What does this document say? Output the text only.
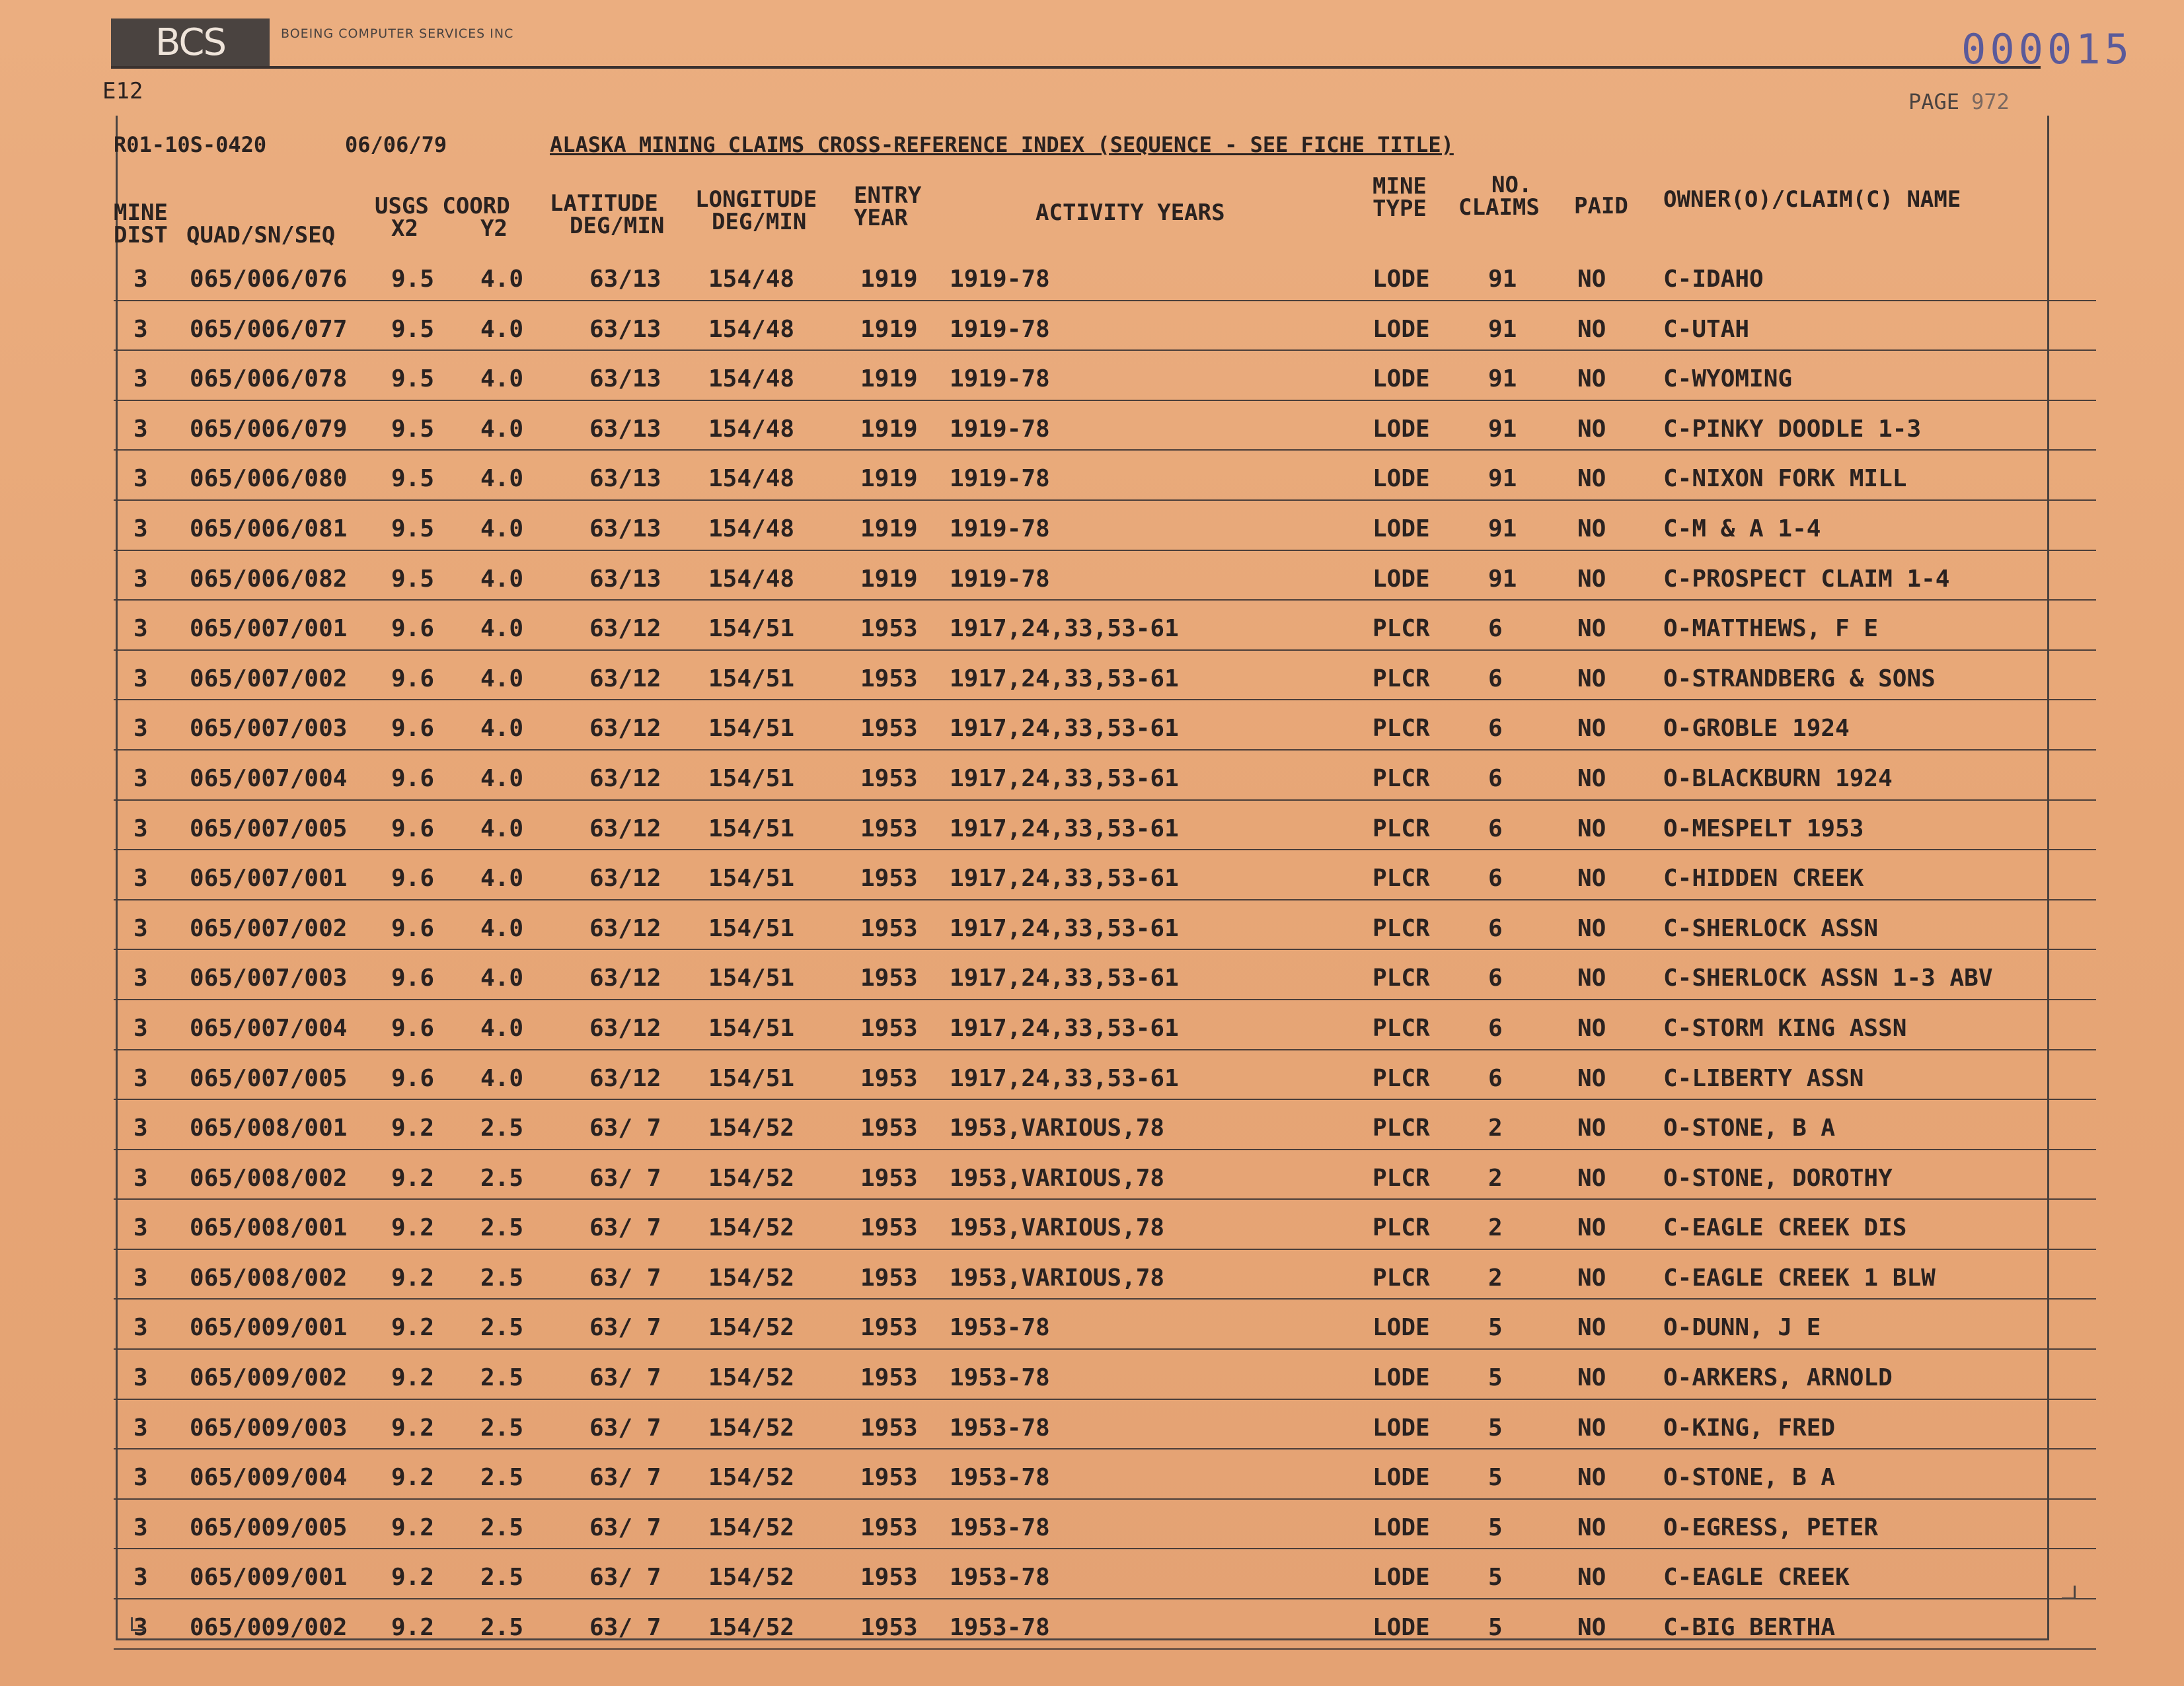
BCS	BOEING COMPUTER SERVICES INC	000015
E12	PAGE 972
R01-10S-0420	06/06/79	ALASKA MINING CLAIMS CROSS-REFERENCE INDEX (SEQUENCE - SEE FICHE TITLE)
MINE
DIST QUAD/SN/SEQ
USGS COORD
X2	Y2
LATITUDE
DEG/MIN
LONGITUDE
DEG/MIN
ENTRY
YEAR	ACTIVITY YEARS
MINE
TYPE
NO.
CLAIMS PAID OWNER(O)/CLAIM(C) NAME
3 065/006/076 9.5 4.0	63/13 154/48	1919 1919-78	LODE 91	NO C-IDAHO
3 065/006/077 9.5 4.0	63/13 154/48	1919 1919-78	LODE 91	NO C-UTAH
3 065/006/078 9.5 4.0	63/13 154/48	1919 1919-78	LODE 91	NO C-WYOMING
3 065/006/079 9.5 4.0	63/13 154/48	1919 1919-78	LODE 91	NO C-PINKY DOODLE 1-3
3 065/006/080 9.5 4.0	63/13 154/48	1919 1919-78	LODE 91	NO C-NIXON FORK MILL
3 065/006/081 9.5 4.0	63/13 154/48	1919 1919-78	LODE 91	NO C-M & A 1-4
3 065/006/082 9.5 4.0	63/13 154/48	1919 1919-78	LODE 91	NO C-PROSPECT CLAIM 1-4
3 065/007/001 9.6 4.0	63/12 154/51	1953 1917,24,33,53-61	PLCR 6	NO O-MATTHEWS, F E
3 065/007/002 9.6 4.0	63/12 154/51	1953 1917,24,33,53-61	PLCR 6	NO O-STRANDBERG & SONS
3 065/007/003 9.6 4.0	63/12 154/51	1953 1917,24,33,53-61	PLCR 6	NO O-GROBLE 1924
3 065/007/004 9.6 4.0	63/12 154/51	1953 1917,24,33,53-61	PLCR 6	NO O-BLACKBURN 1924
3 065/007/005 9.6 4.0	63/12 154/51	1953 1917,24,33,53-61	PLCR 6	NO O-MESPELT 1953
3 065/007/001 9.6 4.0	63/12 154/51	1953 1917,24,33,53-61	PLCR 6	NO C-HIDDEN CREEK
3 065/007/002 9.6 4.0	63/12 154/51	1953 1917,24,33,53-61	PLCR 6	NO C-SHERLOCK ASSN
3 065/007/003 9.6 4.0	63/12 154/51	1953 1917,24,33,53-61	PLCR 6	NO C-SHERLOCK ASSN 1-3 ABV
3 065/007/004 9.6 4.0	63/12 154/51	1953 1917,24,33,53-61	PLCR 6	NO C-STORM KING ASSN
3 065/007/005 9.6 4.0	63/12 154/51	1953 1917,24,33,53-61	PLCR 6	NO C-LIBERTY ASSN
3 065/008/001 9.2 2.5	63/ 7 154/52	1953 1953,VARIOUS,78	PLCR 2	NO O-STONE, B A
3 065/008/002 9.2 2.5	63/ 7 154/52	1953 1953,VARIOUS,78	PLCR 2	NO O-STONE, DOROTHY
3 065/008/001 9.2 2.5	63/ 7 154/52	1953 1953,VARIOUS,78	PLCR 2	NO C-EAGLE CREEK DIS
3 065/008/002 9.2 2.5	63/ 7 154/52	1953 1953,VARIOUS,78	PLCR 2	NO C-EAGLE CREEK 1 BLW
3 065/009/001 9.2 2.5	63/ 7 154/52	1953 1953-78	LODE 5	NO O-DUNN, J E
3 065/009/002 9.2 2.5	63/ 7 154/52	1953 1953-78	LODE 5	NO O-ARKERS, ARNOLD
3 065/009/003 9.2 2.5	63/ 7 154/52	1953 1953-78	LODE 5	NO O-KING, FRED
3 065/009/004 9.2 2.5	63/ 7 154/52	1953 1953-78	LODE 5	NO O-STONE, B A
3 065/009/005 9.2 2.5	63/ 7 154/52	1953 1953-78	LODE 5	NO O-EGRESS, PETER
3 065/009/001 9.2 2.5	63/ 7 154/52	1953 1953-78	LODE 5	NO C-EAGLE CREEK
3 065/009/002 9.2 2.5	63/ 7 154/52	1953 1953-78	LODE 5	NO C-BIG BERTHA
